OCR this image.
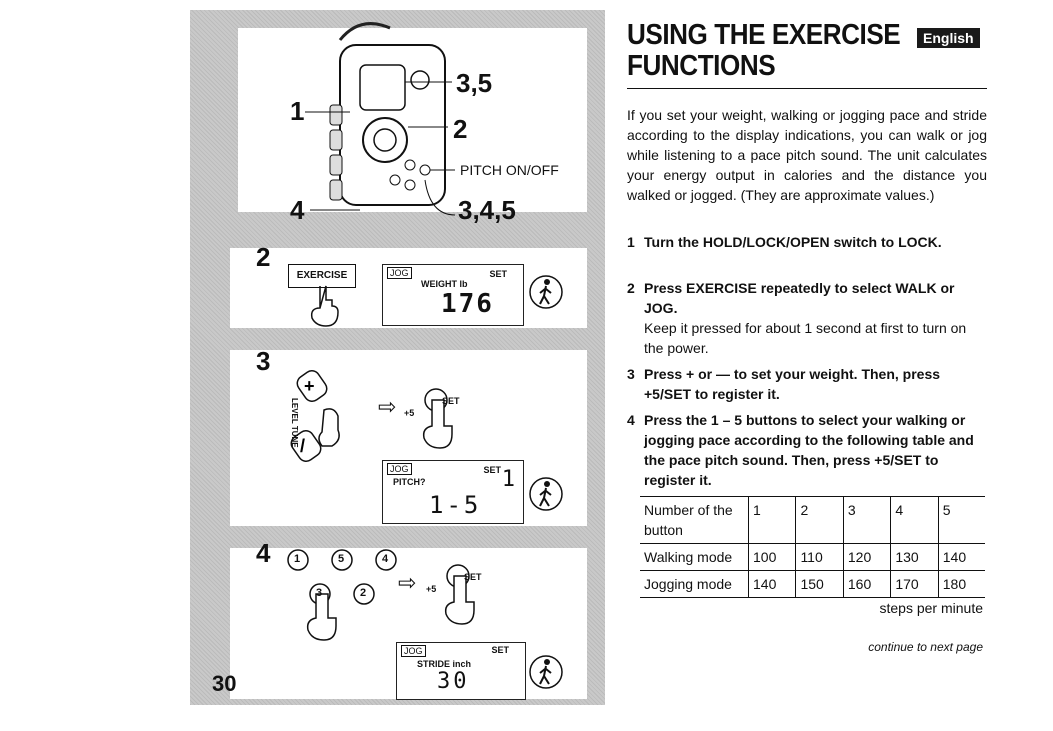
3,5
1
2
PITCH ON/OFF
4	3,4,5
2
EXERCISE	JOG
WEIGHT lb
SET
176
3
+
/
LEVEL TUNE	⇨ +5
SET
JOG
PITCH?
SET 1
1-5
4 1	5	4
3	2 ⇨ +5
SET
JOG	SET
STRIDE inch
30
30
USING THE EXERCISE FUNCTIONS
English
If you set your weight, walking or jogging pace and stride according to the display indications, you can walk or jog while listening to a pace pitch sound. The unit calculates your energy output in calories and the distance you walked or jogged. (They are approximate values.)
1 Turn the HOLD/LOCK/OPEN switch to LOCK.
2 Press EXERCISE repeatedly to select WALK or JOG.
Keep it pressed for about 1 second at first to turn on the power.
3 Press + or — to set your weight. Then, press +5/SET to register it.
4 Press the 1 – 5 buttons to select your walking or jogging pace according to the following table and the pace pitch sound. Then, press +5/SET to register it.
Number of the button	1	2	3	4	5
Walking mode	100	110	120	130	140
Jogging mode	140	150	160	170	180
steps per minute
continue to next page
